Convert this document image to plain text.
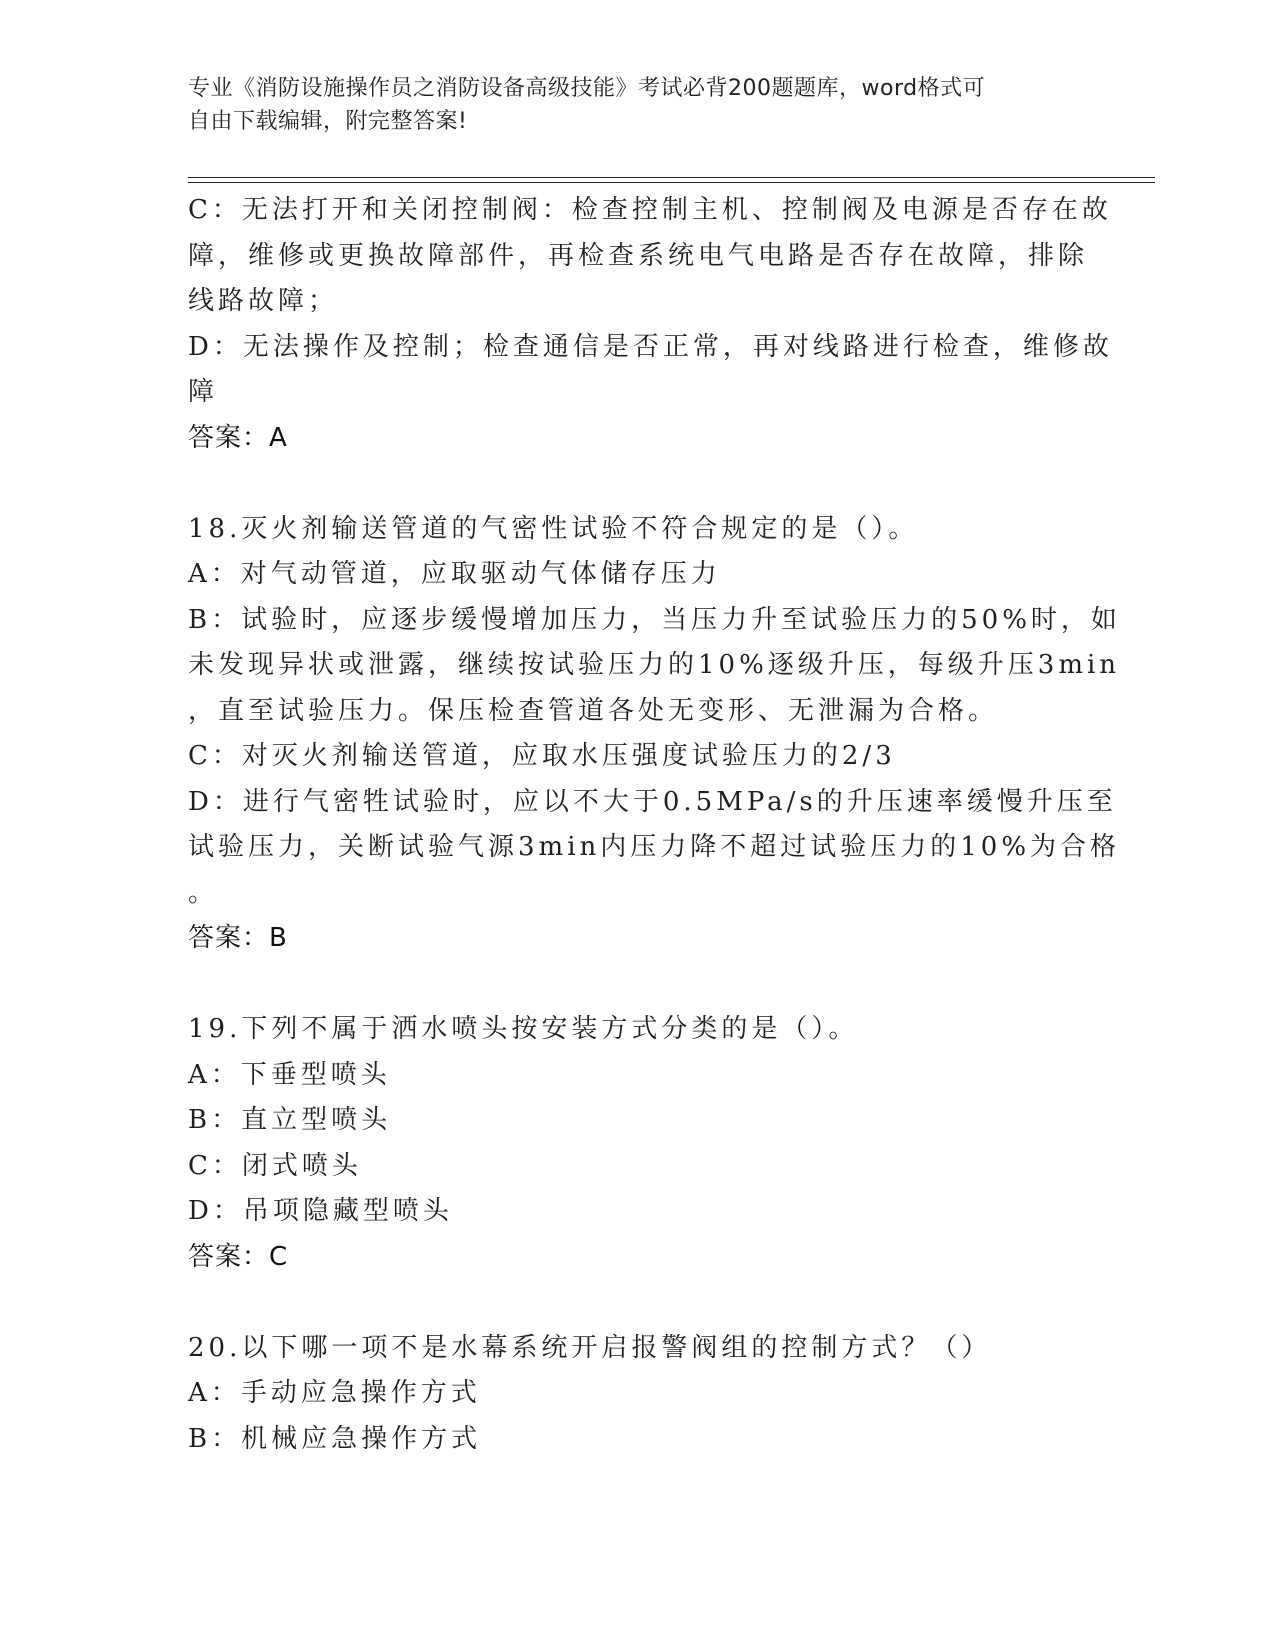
专业《消防设施操作员之消防设备高级技能》考试必背200题题库，word格式可
自由下载编辑，附完整答案!
C：无法打开和关闭控制阀：检查控制主机、控制阀及电源是否存在故
障，维修或更换故障部件，再检查系统电气电路是否存在故障，排除
线路故障；
D：无法操作及控制；检查通信是否正常，再对线路进行检查，维修故
障
答案：A
18.灭火剂输送管道的气密性试验不符合规定的是（）。
A：对气动管道，应取驱动气体储存压力
B：试验时，应逐步缓慢增加压力，当压力升至试验压力的50%时，如
未发现异状或泄露，继续按试验压力的10%逐级升压，每级升压3min
，直至试验压力。保压检查管道各处无变形、无泄漏为合格。
C：对灭火剂输送管道，应取水压强度试验压力的2/3
D：进行气密牲试验时，应以不大于0.5MPa/s的升压速率缓慢升压至
试验压力，关断试验气源3min内压力降不超过试验压力的10%为合格
。
答案：B
19.下列不属于洒水喷头按安装方式分类的是（）。
A：下垂型喷头
B：直立型喷头
C：闭式喷头
D：吊项隐藏型喷头
答案：C
20.以下哪一项不是水幕系统开启报警阀组的控制方式？（）
A：手动应急操作方式
B：机械应急操作方式
